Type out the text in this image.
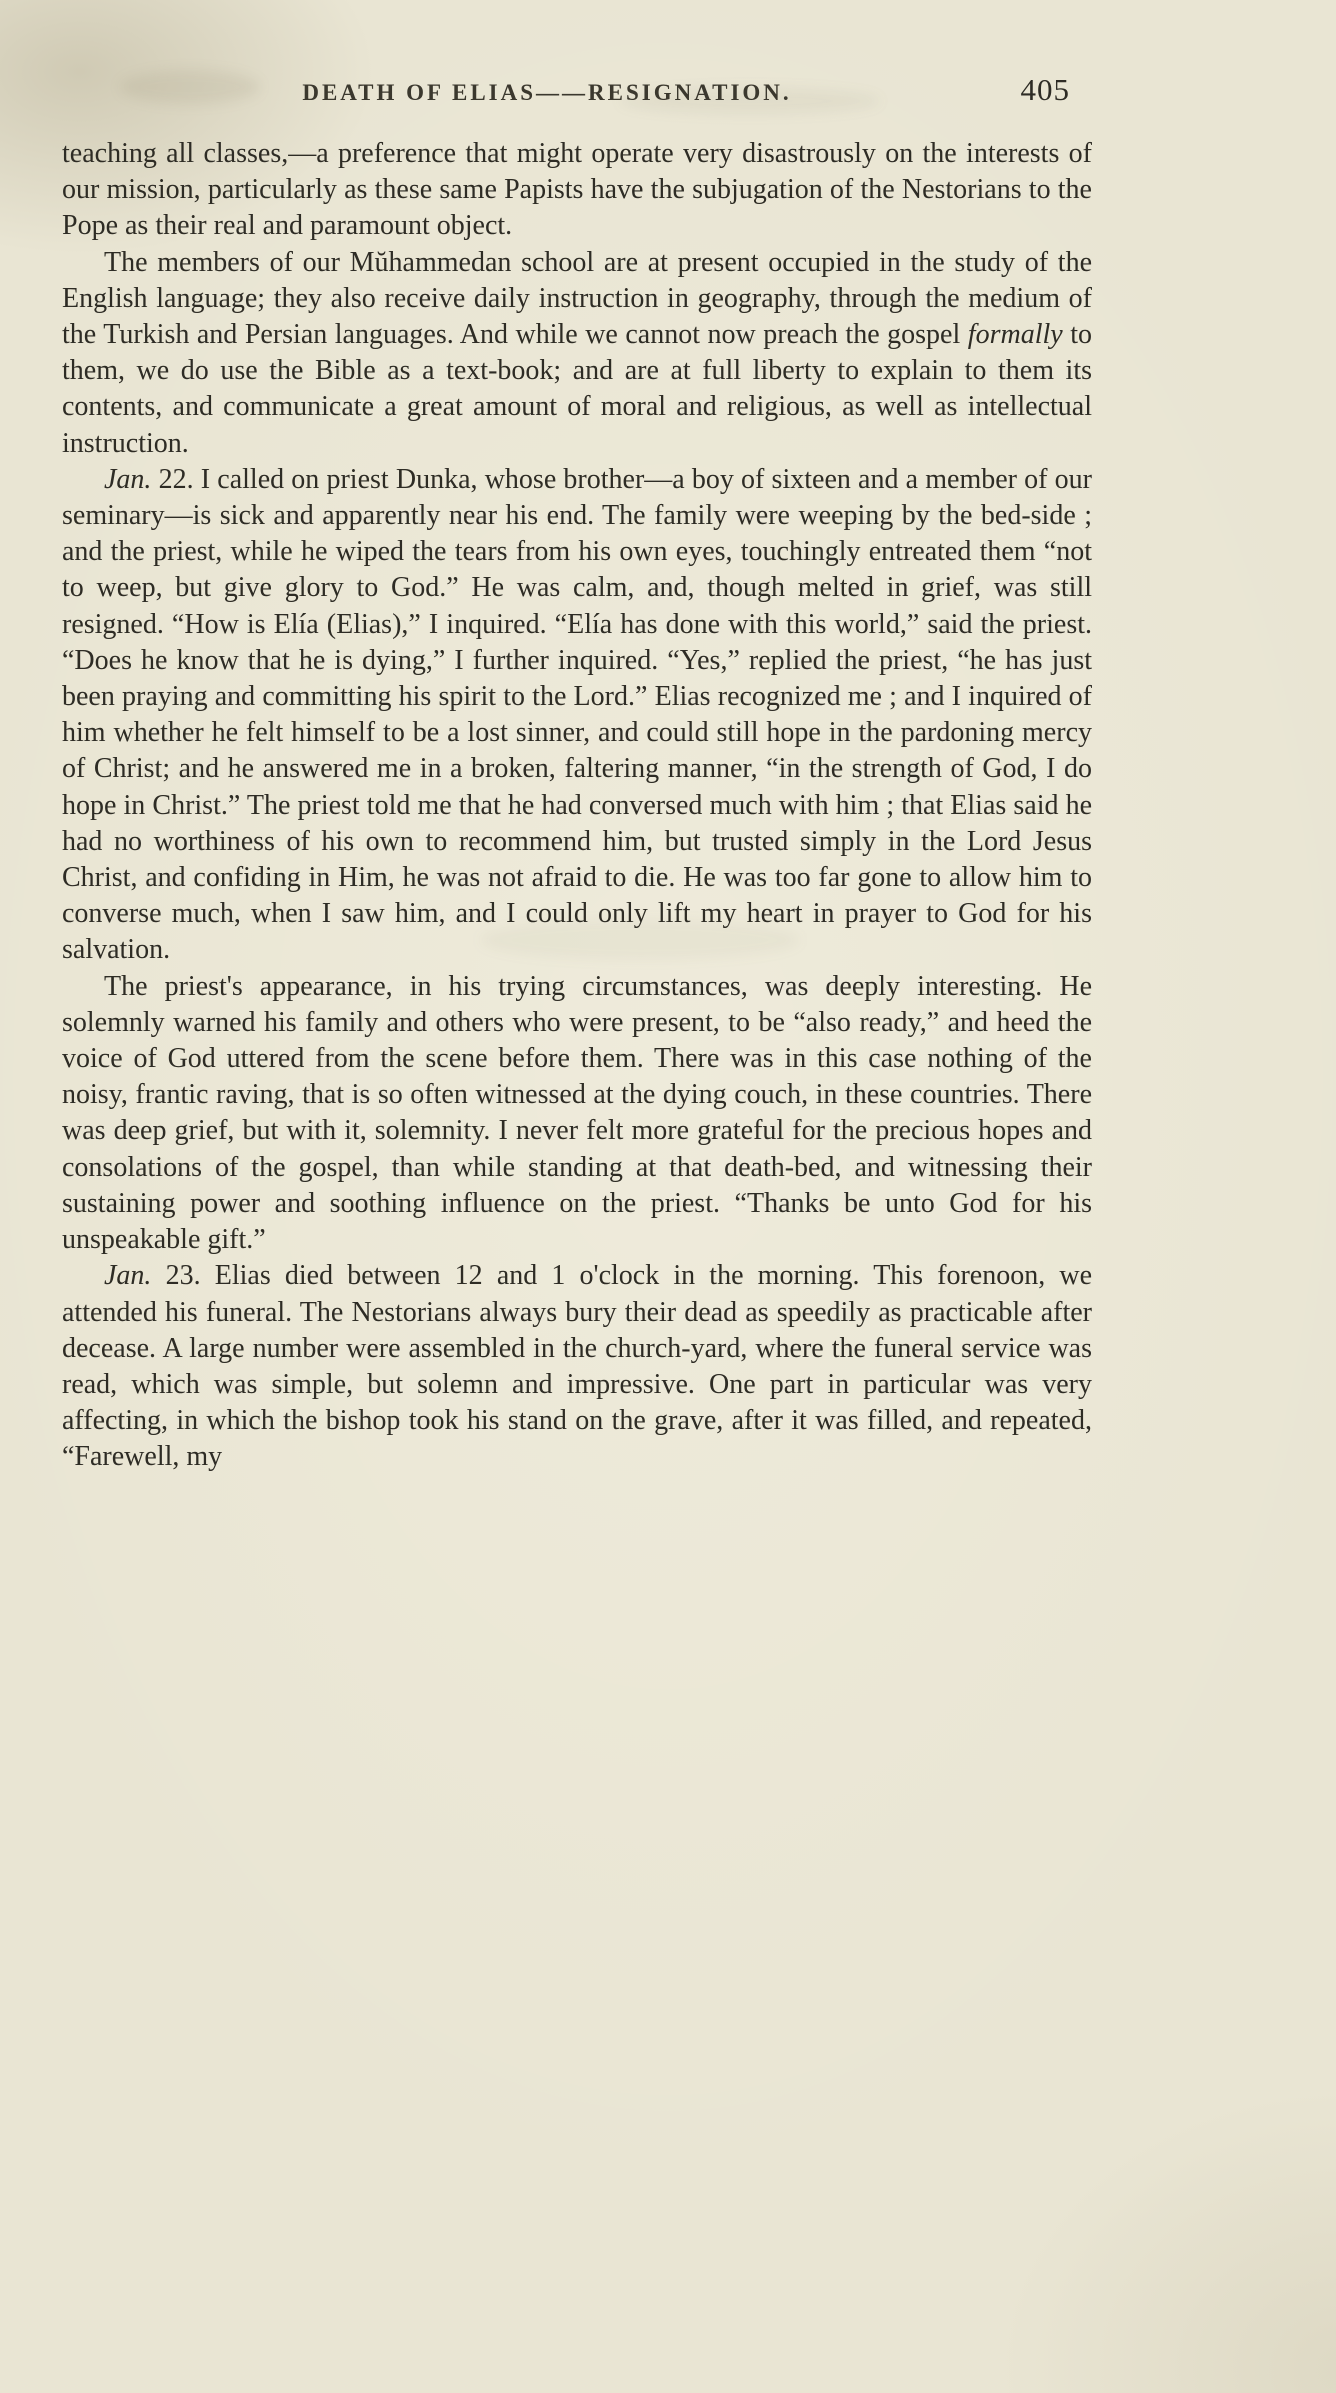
DEATH OF ELIAS——RESIGNATION.	405

teaching all classes,—a preference that might operate very disastrously on the interests of our mission, particularly as these same Papists have the subjugation of the Nestorians to the Pope as their real and paramount object.

The members of our Mŭhammedan school are at present occupied in the study of the English language; they also receive daily instruction in geography, through the medium of the Turkish and Persian languages. And while we cannot now preach the gospel formally to them, we do use the Bible as a text-book; and are at full liberty to explain to them its contents, and communicate a great amount of moral and religious, as well as intellectual instruction.

Jan. 22. I called on priest Dunka, whose brother—a boy of sixteen and a member of our seminary—is sick and apparently near his end. The family were weeping by the bed-side ; and the priest, while he wiped the tears from his own eyes, touchingly entreated them “not to weep, but give glory to God.” He was calm, and, though melted in grief, was still resigned. “How is Elía (Elias),” I inquired. “Elía has done with this world,” said the priest. “Does he know that he is dying,” I further inquired. “Yes,” replied the priest, “he has just been praying and committing his spirit to the Lord.” Elias recognized me ; and I inquired of him whether he felt himself to be a lost sinner, and could still hope in the pardoning mercy of Christ; and he answered me in a broken, faltering manner, “in the strength of God, I do hope in Christ.” The priest told me that he had conversed much with him ; that Elias said he had no worthiness of his own to recommend him, but trusted simply in the Lord Jesus Christ, and confiding in Him, he was not afraid to die. He was too far gone to allow him to converse much, when I saw him, and I could only lift my heart in prayer to God for his salvation.

The priest's appearance, in his trying circumstances, was deeply interesting. He solemnly warned his family and others who were present, to be “also ready,” and heed the voice of God uttered from the scene before them. There was in this case nothing of the noisy, frantic raving, that is so often witnessed at the dying couch, in these countries. There was deep grief, but with it, solemnity. I never felt more grateful for the precious hopes and consolations of the gospel, than while standing at that death-bed, and witnessing their sustaining power and soothing influence on the priest. “Thanks be unto God for his unspeakable gift.”

Jan. 23. Elias died between 12 and 1 o'clock in the morning. This forenoon, we attended his funeral. The Nestorians always bury their dead as speedily as practicable after decease. A large number were assembled in the church-yard, where the funeral service was read, which was simple, but solemn and impressive. One part in particular was very affecting, in which the bishop took his stand on the grave, after it was filled, and repeated, “Farewell, my
